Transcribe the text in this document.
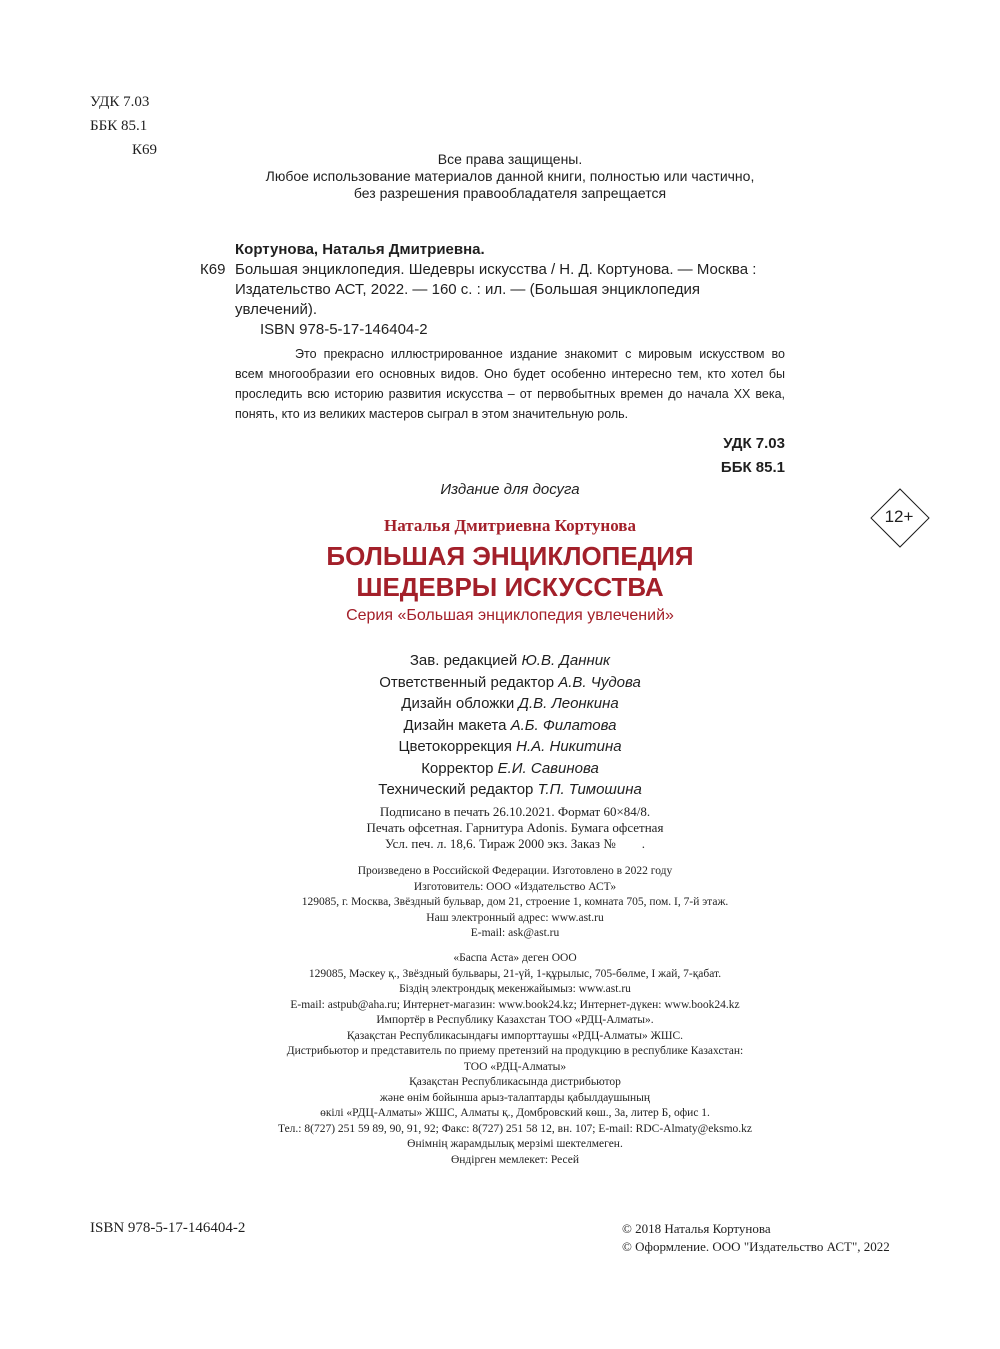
УДК 7.03
ББК 85.1
К69
Все права защищены.
Любое использование материалов данной книги, полностью или частично,
без разрешения правообладателя запрещается
Кортунова, Наталья Дмитриевна.
К69 Большая энциклопедия. Шедевры искусства / Н. Д. Кортунова. — Москва :
Издательство АСТ, 2022. — 160 с. : ил. — (Большая энциклопедия увлечений).
ISBN 978-5-17-146404-2
Это прекрасно иллюстрированное издание знакомит с мировым искусством во всем многообразии его основных видов. Оно будет особенно интересно тем, кто хотел бы проследить всю историю развития искусства – от первобытных времен до начала ХХ века, понять, кто из великих мастеров сыграл в этом значительную роль.
УДК 7.03
ББК 85.1
Издание для досуга
12+
Наталья Дмитриевна Кортунова
БОЛЬШАЯ ЭНЦИКЛОПЕДИЯ
ШЕДЕВРЫ ИСКУССТВА
Серия «Большая энциклопедия увлечений»
Зав. редакцией Ю.В. Данник
Ответственный редактор А.В. Чудова
Дизайн обложки Д.В. Леонкина
Дизайн макета А.Б. Филатова
Цветокоррекция Н.А. Никитина
Корректор Е.И. Савинова
Технический редактор Т.П. Тимошина
Подписано в печать 26.10.2021. Формат 60×84/8.
Печать офсетная. Гарнитура Adonis. Бумага офсетная
Усл. печ. л. 18,6. Тираж 2000 экз. Заказ №        .
Произведено в Российской Федерации. Изготовлено в 2022 году
Изготовитель: ООО «Издательство АСТ»
129085, г. Москва, Звёздный бульвар, дом 21, строение 1, комната 705, пом. I, 7-й этаж.
Наш электронный адрес: www.ast.ru
E-mail: ask@ast.ru
«Баспа Аста» деген ООО
129085, Мәскеу қ., Звёздный бульвары, 21-үй, 1-құрылыс, 705-бөлме, I жай, 7-қабат.
Біздің электрондық мекенжайымыз: www.ast.ru
E-mail: astpub@aha.ru; Интернет-магазин: www.book24.kz; Интернет-дүкен: www.book24.kz
Импортёр в Республику Казахстан ТОО «РДЦ-Алматы».
Қазақстан Республикасындағы импорттаушы «РДЦ-Алматы» ЖШС.
Дистрибьютор и представитель по приему претензий на продукцию в республике Казахстан:
ТОО «РДЦ-Алматы»
Қазақстан Республикасында дистрибьютор
және өнім бойынша арыз-талаптарды қабылдаушының
өкілі «РДЦ-Алматы» ЖШС, Алматы қ., Домбровский көш., 3а, литер Б, офис 1.
Тел.: 8(727) 251 59 89, 90, 91, 92; Факс: 8(727) 251 58 12, вн. 107; E-mail: RDC-Almaty@eksmo.kz
Өнімнің жарамдылық мерзімі шектелмеген.
Өндірген мемлекет: Ресей
ISBN 978-5-17-146404-2	© 2018 Наталья Кортунова
© Оформление. ООО "Издательство АСТ", 2022
